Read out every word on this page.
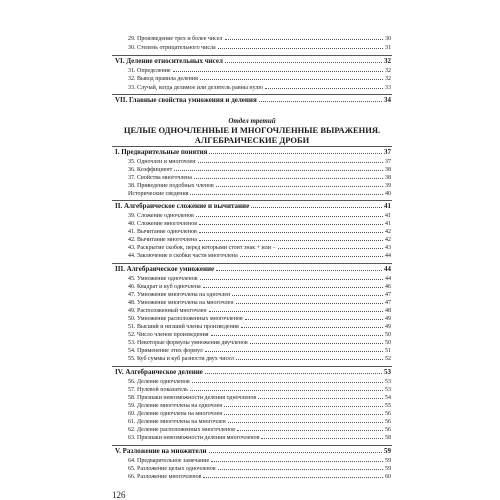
29. Произведение трех и более чисел	30
30. Степень отрицательного числа	31
VI. Деление относительных чисел	32
31. Определение	32
32. Вывод правила деления	32
33. Случай, когда делимое или делитель равны нулю	33
VII. Главные свойства умножения и деления	34
Отдел третий
ЦЕЛЫЕ ОДНОЧЛЕННЫЕ И МНОГОЧЛЕННЫЕ ВЫРАЖЕНИЯ.
АЛГЕБРАИЧЕСКИЕ ДРОБИ
I. Предварительные понятия	37
35. Одночлен и многочлен	37
36. Коэффициент	38
37. Свойства многочлена	38
38. Приведение подобных членов	39
Исторические сведения	40
II. Алгебраическое сложение и вычитание	41
39. Сложение одночленов	41
40. Сложение многочленов	41
41. Вычитание одночленов	42
42. Вычитание многочлена	42
43. Раскрытие скобок, перед которыми стоит знак + или −	43
44. Заключение в скобки части многочлена	44
III. Алгебраическое умножение	44
45. Умножение одночленов	44
46. Квадрат и куб одночлена	46
47. Умножение многочлена на одночлен	47
48. Умножение многочлена на многочлен	47
49. Расположенный многочлен	48
50. Умножение расположенных многочленов	49
51. Высший и низший члены произведения	49
52. Число членов произведения	50
53. Некоторые формулы умножения двучленов	50
54. Применение этих формул	51
55. Куб суммы и куб разности двух чисел	52
IV. Алгебраическое деление	53
56. Деление одночленов	53
57. Нулевой показатель	53
58. Признаки невозможности деления одночленов	54
59. Деление многочлена на одночлен	55
60. Деление одночлена на многочлен	56
61. Деление многочлена на многочлен	56
62. Деление расположенных многочленов	56
63. Признаки невозможности деления многочленов	58
V. Разложение на множители	59
64. Предварительное замечание	59
65. Разложение целых одночленов	59
66. Разложение многочленов	60
126
